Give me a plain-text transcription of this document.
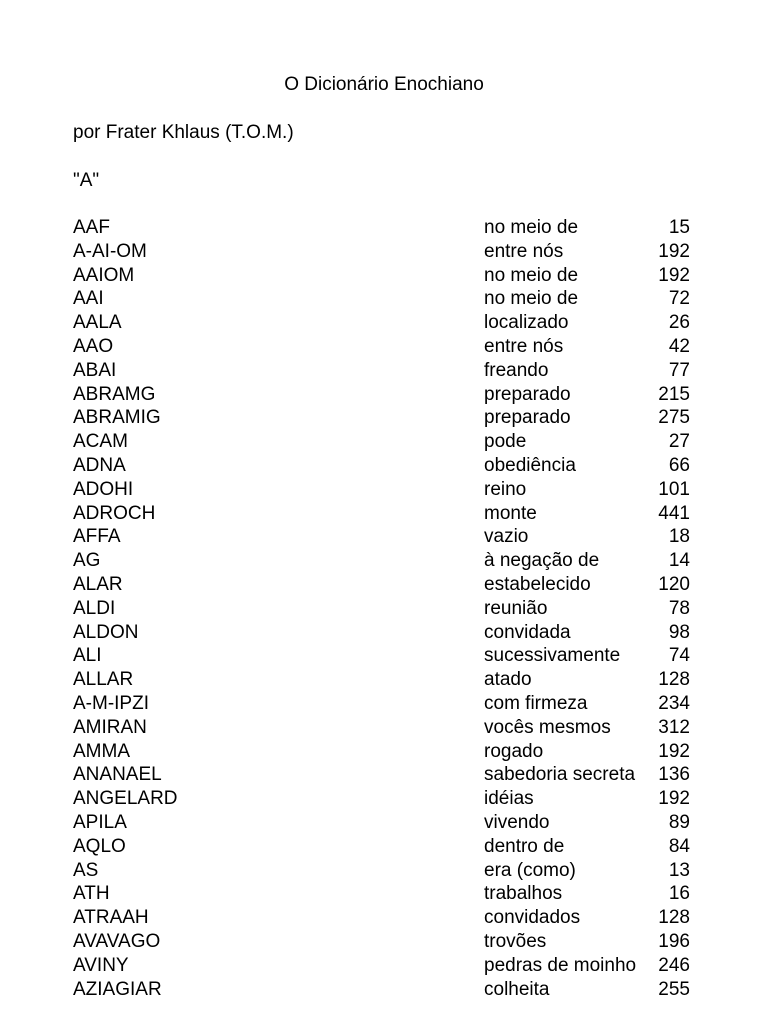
O Dicionário Enochiano
por Frater Khlaus (T.O.M.)
"A"
AAF	no meio de	15
A-AI-OM	entre nós	192
AAIOM	no meio de	192
AAI	no meio de	72
AALA	localizado	26
AAO	entre nós	42
ABAI	freando	77
ABRAMG	preparado	215
ABRAMIG	preparado	275
ACAM	pode	27
ADNA	obediência	66
ADOHI	reino	101
ADROCH	monte	441
AFFA	vazio	18
AG	à negação de	14
ALAR	estabelecido	120
ALDI	reunião	78
ALDON	convidada	98
ALI	sucessivamente	74
ALLAR	atado	128
A-M-IPZI	com firmeza	234
AMIRAN	vocês mesmos	312
AMMA	rogado	192
ANANAEL	sabedoria secreta 136
ANGELARD	idéias	192
APILA	vivendo	89
AQLO	dentro de	84
AS	era (como)	13
ATH	trabalhos	16
ATRAAH	convidados	128
AVAVAGO	trovões	196
AVINY	pedras de moinho 246
AZIAGIAR	colheita	255
